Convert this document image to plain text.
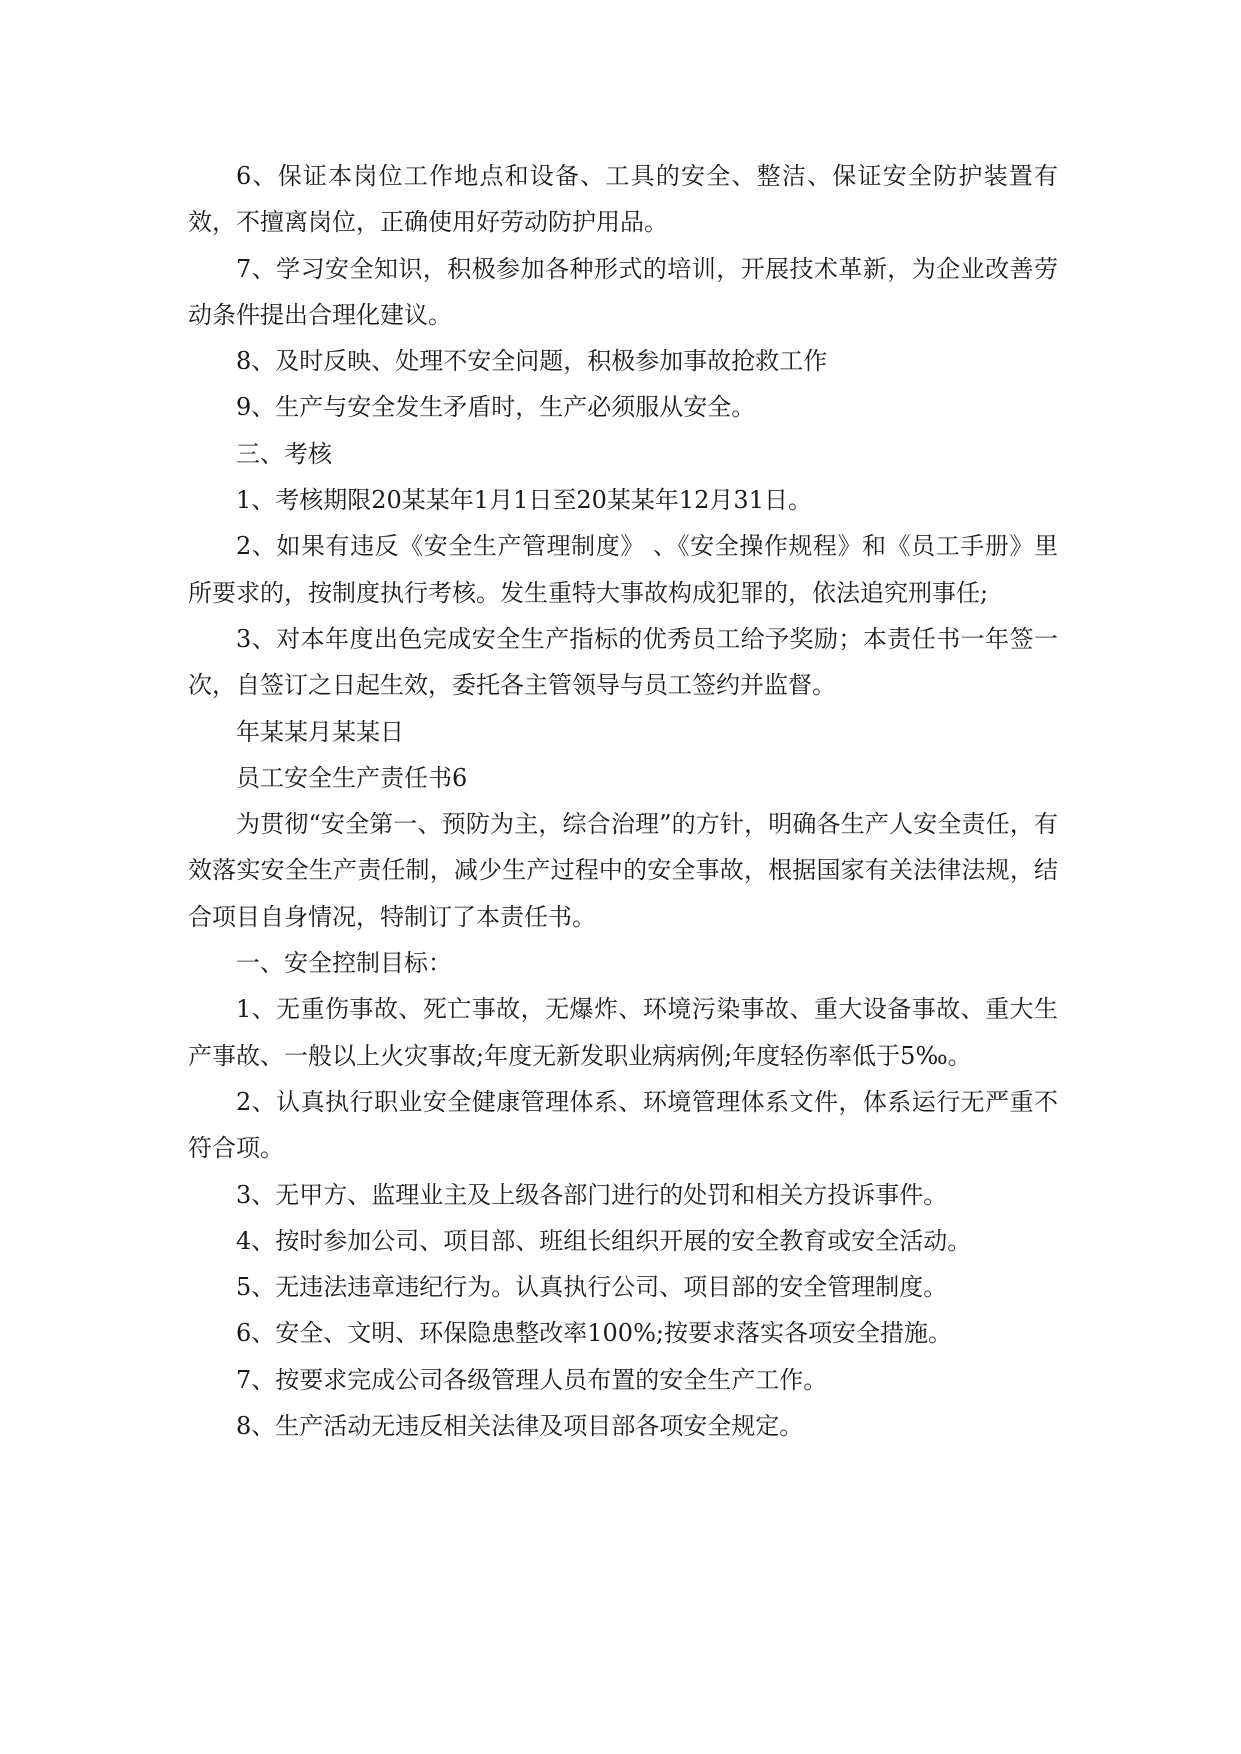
6、保证本岗位工作地点和设备、工具的安全、整洁、保证安全防护装置有效，不擅离岗位，正确使用好劳动防护用品。

7、学习安全知识，积极参加各种形式的培训，开展技术革新，为企业改善劳动条件提出合理化建议。

8、及时反映、处理不安全问题，积极参加事故抢救工作

9、生产与安全发生矛盾时，生产必须服从安全。

三、考核

1、考核期限20某某年1月1日至20某某年12月31日。

2、如果有违反《安全生产管理制度》 、《安全操作规程》和《员工手册》里所要求的，按制度执行考核。发生重特大事故构成犯罪的，依法追究刑事任;

3、对本年度出色完成安全生产指标的优秀员工给予奖励；本责任书一年签一次，自签订之日起生效，委托各主管领导与员工签约并监督。

年某某月某某日

员工安全生产责任书6

为贯彻“安全第一、预防为主，综合治理”的方针，明确各生产人安全责任，有效落实安全生产责任制，减少生产过程中的安全事故，根据国家有关法律法规，结合项目自身情况，特制订了本责任书。

一、安全控制目标：

1、无重伤事故、死亡事故，无爆炸、环境污染事故、重大设备事故、重大生产事故、一般以上火灾事故;年度无新发职业病病例;年度轻伤率低于5‰。

2、认真执行职业安全健康管理体系、环境管理体系文件，体系运行无严重不符合项。

3、无甲方、监理业主及上级各部门进行的处罚和相关方投诉事件。

4、按时参加公司、项目部、班组长组织开展的安全教育或安全活动。

5、无违法违章违纪行为。认真执行公司、项目部的安全管理制度。

6、安全、文明、环保隐患整改率100%;按要求落实各项安全措施。

7、按要求完成公司各级管理人员布置的安全生产工作。

8、生产活动无违反相关法律及项目部各项安全规定。
